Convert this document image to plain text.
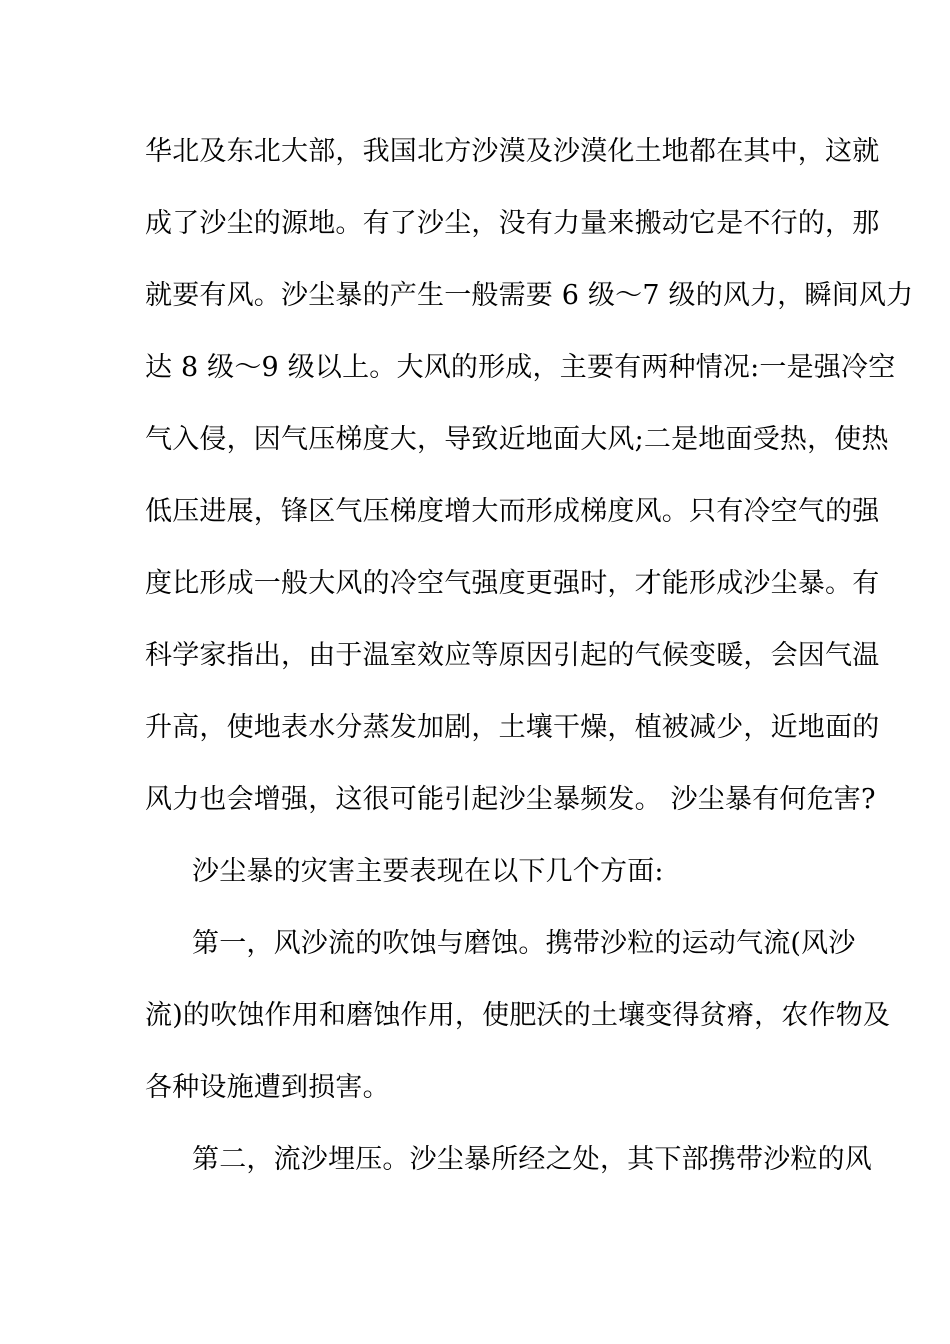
华北及东北大部，我国北方沙漠及沙漠化土地都在其中，这就
成了沙尘的源地。有了沙尘，没有力量来搬动它是不行的，那
就要有风。沙尘暴的产生一般需要 6 级～7 级的风力，瞬间风力
达 8 级～9 级以上。大风的形成，主要有两种情况:一是强冷空
气入侵，因气压梯度大，导致近地面大风;二是地面受热，使热
低压进展，锋区气压梯度增大而形成梯度风。只有冷空气的强
度比形成一般大风的冷空气强度更强时，才能形成沙尘暴。有
科学家指出，由于温室效应等原因引起的气候变暖，会因气温
升高，使地表水分蒸发加剧，土壤干燥，植被减少，近地面的
风力也会增强，这很可能引起沙尘暴频发。 沙尘暴有何危害?
沙尘暴的灾害主要表现在以下几个方面:
第一，风沙流的吹蚀与磨蚀。携带沙粒的运动气流(风沙
流)的吹蚀作用和磨蚀作用，使肥沃的土壤变得贫瘠，农作物及
各种设施遭到损害。
第二，流沙埋压。沙尘暴所经之处，其下部携带沙粒的风
